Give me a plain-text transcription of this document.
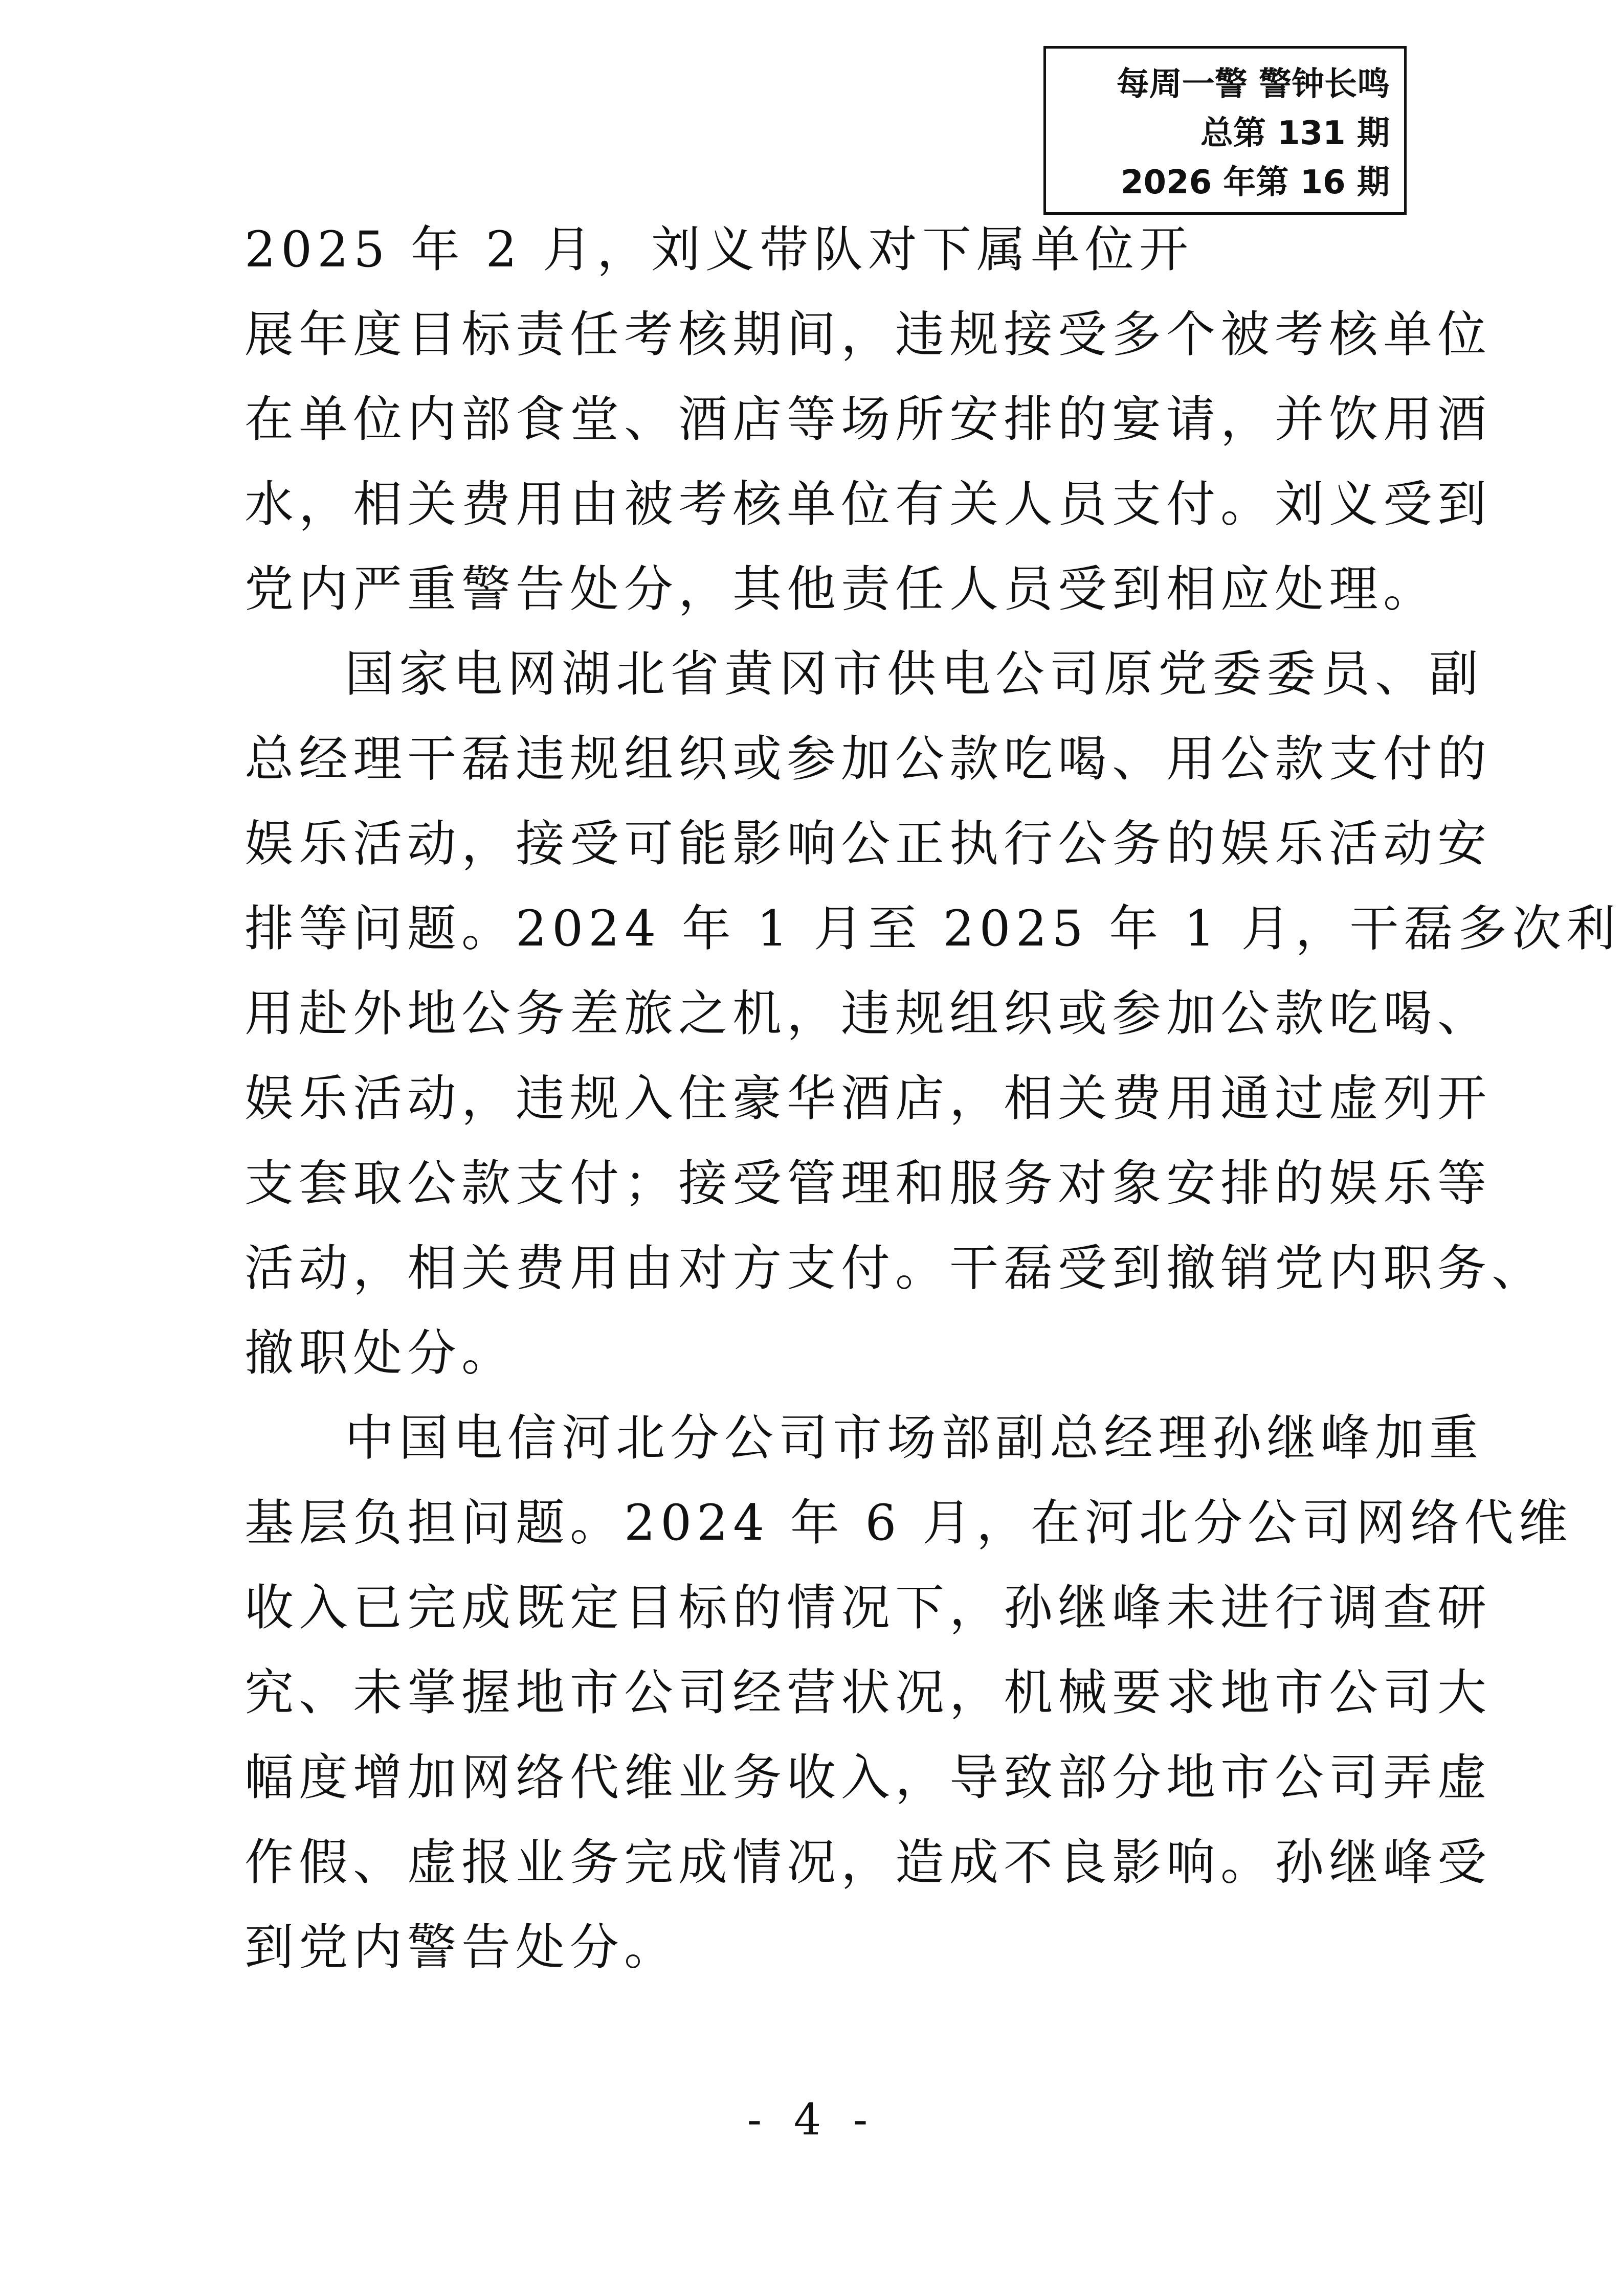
每周一警 警钟长鸣
总第 131 期
2026 年第 16 期
2025 年 2 月，刘义带队对下属单位开
展年度目标责任考核期间，违规接受多个被考核单位
在单位内部食堂、酒店等场所安排的宴请，并饮用酒
水，相关费用由被考核单位有关人员支付。刘义受到
党内严重警告处分，其他责任人员受到相应处理。
国家电网湖北省黄冈市供电公司原党委委员、副
总经理干磊违规组织或参加公款吃喝、用公款支付的
娱乐活动，接受可能影响公正执行公务的娱乐活动安
排等问题。2024 年 1 月至 2025 年 1 月，干磊多次利
用赴外地公务差旅之机，违规组织或参加公款吃喝、
娱乐活动，违规入住豪华酒店，相关费用通过虚列开
支套取公款支付；接受管理和服务对象安排的娱乐等
活动，相关费用由对方支付。干磊受到撤销党内职务、
撤职处分。
中国电信河北分公司市场部副总经理孙继峰加重
基层负担问题。2024 年 6 月，在河北分公司网络代维
收入已完成既定目标的情况下，孙继峰未进行调查研
究、未掌握地市公司经营状况，机械要求地市公司大
幅度增加网络代维业务收入，导致部分地市公司弄虚
作假、虚报业务完成情况，造成不良影响。孙继峰受
到党内警告处分。
- 4 -
